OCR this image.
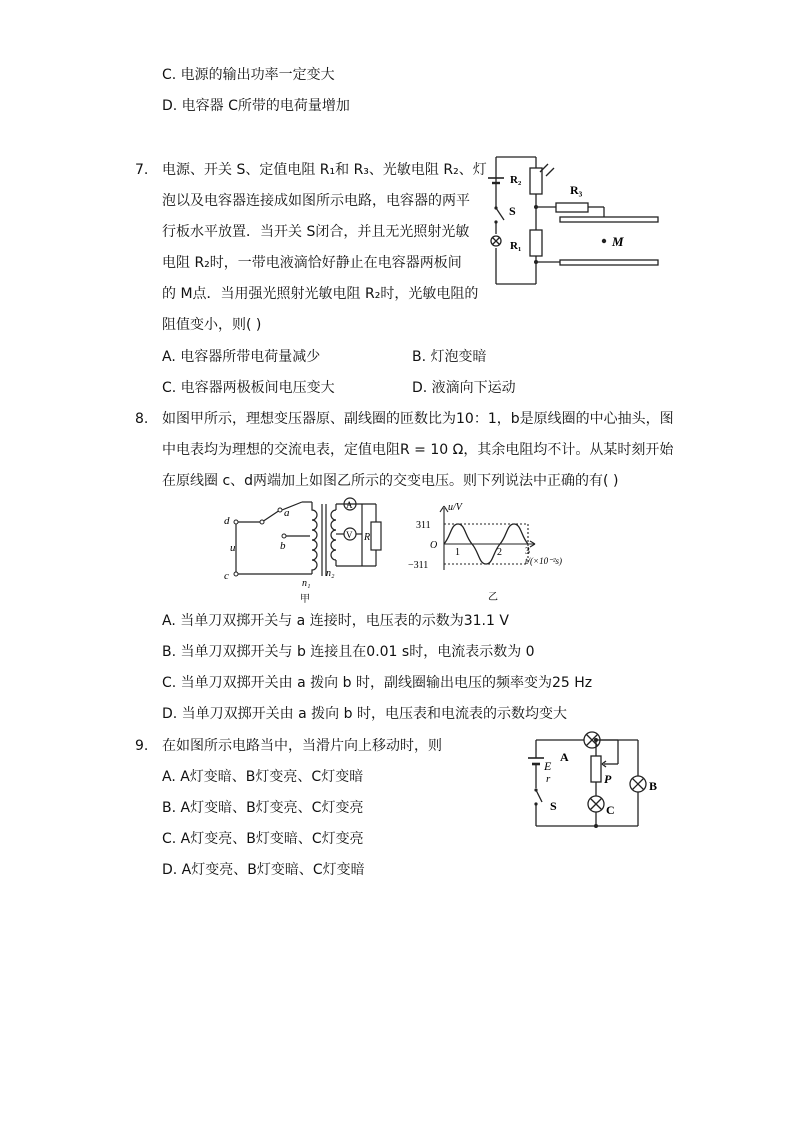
C. 电源的输出功率一定变大
D. 电容器 C所带的电荷量增加
7. 电源、开关 S、定值电阻 R₁和 R₃、光敏电阻 R₂、灯
泡以及电容器连接成如图所示电路，电容器的两平
行板水平放置．当开关 S闭合，并且无光照射光敏
电阻 R₂时，一带电液滴恰好静止在电容器两板间
的 M点．当用强光照射光敏电阻 R₂时，光敏电阻的
阻值变小，则( )
A. 电容器所带电荷量减少	B. 灯泡变暗
C. 电容器两极板间电压变大	D. 液滴向下运动
R₂
R₃
S
R₁	M
8. 如图甲所示，理想变压器原、副线圈的匝数比为10：1，b是原线圈的中心抽头，图
中电表均为理想的交流电表，定值电阻R = 10 Ω，其余电阻均不计。从某时刻开始
在原线圈 c、d两端加上如图乙所示的交变电压。则下列说法中正确的有( )
d
a
b
u
c
n₁
n₂
A
V R
甲
u/V
311
O
−311
1	2 3
t/(×10⁻²s)
乙
A. 当单刀双掷开关与 a 连接时，电压表的示数为31.1 V
B. 当单刀双掷开关与 b 连接且在0.01 s时，电流表示数为 0
C. 当单刀双掷开关由 a 拨向 b 时，副线圈输出电压的频率变为25 Hz
D. 当单刀双掷开关由 a 拨向 b 时，电压表和电流表的示数均变大
9. 在如图所示电路当中，当滑片向上移动时，则
A. A灯变暗、B灯变亮、C灯变暗
B. A灯变暗、B灯变亮、C灯变亮
C. A灯变亮、B灯变暗、C灯变亮
D. A灯变亮、B灯变暗、C灯变暗
E
r
A
P	B
S	C
